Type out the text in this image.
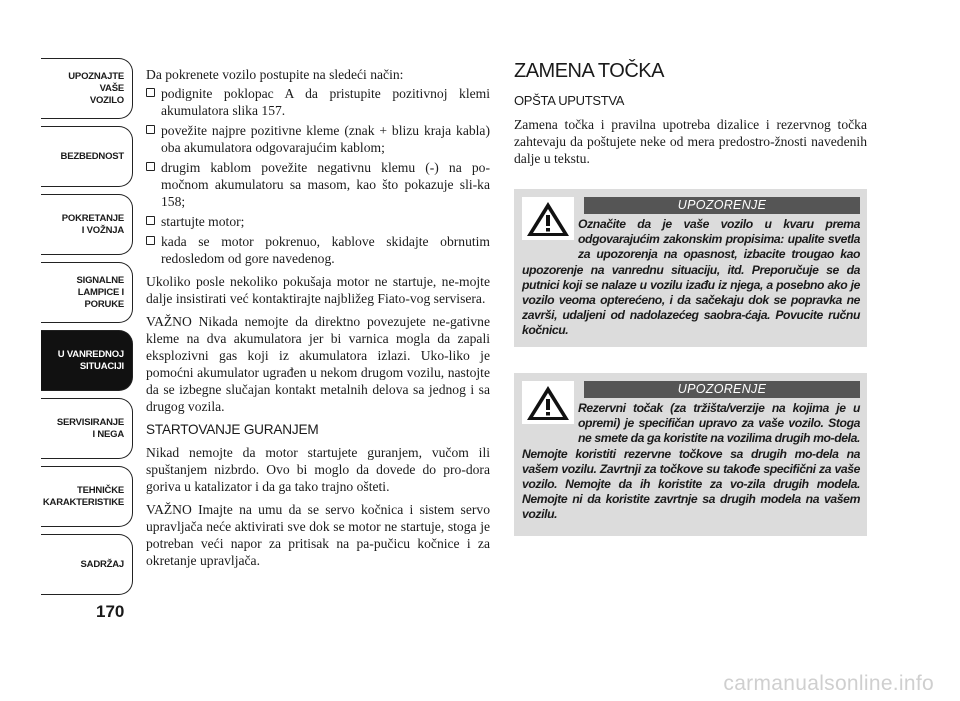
UPOZNAJTE
VAŠE
VOZILO
BEZBEDNOST
POKRETANJE
I VOŽNJA
SIGNALNE
LAMPICE I PORUKE
U VANREDNOJ
SITUACIJI
SERVISIRANJE
I NEGA
TEHNIČKE
KARAKTERISTIKE
SADRŽAJ
170

Da pokrenete vozilo postupite na sledeći način:

podignite poklopac A da pristupite pozitivnoj klemi akumulatora slika 157.
povežite najpre pozitivne kleme (znak + blizu kraja kabla) oba akumulatora odgovarajućim kablom;
drugim kablom povežite negativnu klemu (-) na po-močnom akumulatoru sa masom, kao što pokazuje sli-ka 158;
startujte motor;
kada se motor pokrenuo, kablove skidajte obrnutim redosledom od gore navedenog.

Ukoliko posle nekoliko pokušaja motor ne startuje, ne-mojte dalje insistirati već kontaktirajte najbližeg Fiato-vog servisera.

VAŽNO Nikada nemojte da direktno povezujete ne-gativne kleme na dva akumulatora jer bi varnica mogla da zapali eksplozivni gas koji iz akumulatora izlazi. Uko-liko je pomoćni akumulator ugrađen u nekom drugom vozilu, nastojte da se izbegne slučajan kontakt metalnih delova sa jednog i sa drugog vozila.

STARTOVANJE GURANJEM

Nikad nemojte da motor startujete guranjem, vučom ili spuštanjem nizbrdo. Ovo bi moglo da dovede do pro-dora goriva u katalizator i da ga tako trajno ošteti.

VAŽNO Imajte na umu da se servo kočnica i sistem servo upravljača neće aktivirati sve dok se motor ne startuje, stoga je potreban veći napor za pritisak na pa-pučicu kočnice i za okretanje upravljača.

ZAMENA TOČKA
OPŠTA UPUTSTVA

Zamena točka i pravilna upotreba dizalice i rezervnog točka zahtevaju da poštujete neke od mera predostro-žnosti navedenih dalje u tekstu.

UPOZORENJE
Označite da je vaše vozilo u kvaru prema odgovarajućim zakonskim propisima: upalite svetla za upozorenja na opasnost, izbacite trougao kao upozorenje na vanrednu situaciju, itd. Preporučuje se da putnici koji se nalaze u vozilu izađu iz njega, a posebno ako je vozilo veoma opterećeno, i da sačekaju dok se popravka ne završi, udaljeni od nadolazećeg saobra-ćaja. Povucite ručnu kočnicu.
UPOZORENJE
Rezervni točak (za tržišta/verzije na kojima je u opremi) je specifičan upravo za vaše vozilo. Stoga ne smete da ga koristite na vozilima drugih mo-dela. Nemojte koristiti rezervne točkove sa drugih mo-dela na vašem vozilu. Zavrtnji za točkove su takođe specifični za vaše vozilo. Nemojte da ih koristite za vo-zila drugih modela. Nemojte ni da koristite zavrtnje sa drugih modela na vašem vozilu.
carmanualsonline.info
